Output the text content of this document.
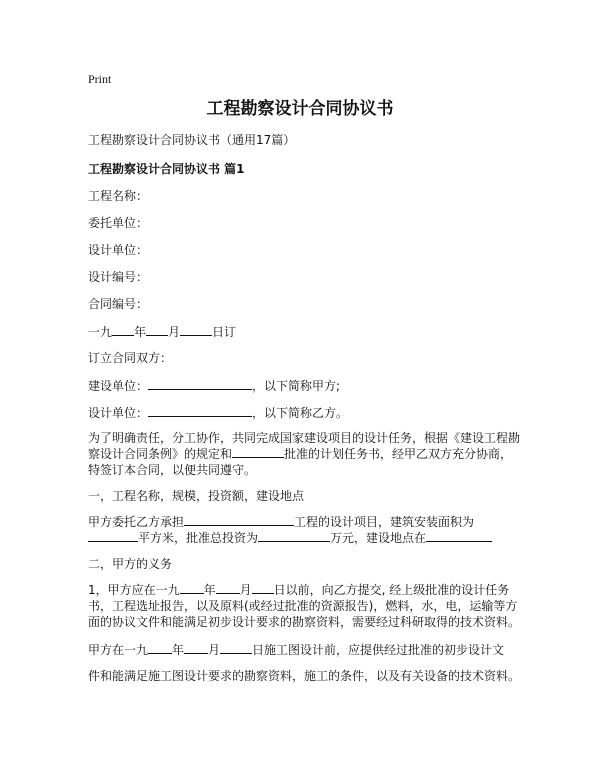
Print
工程勘察设计合同协议书
工程勘察设计合同协议书（通用17篇）
工程勘察设计合同协议书 篇1
工程名称：
委托单位：
设计单位：
设计编号：
合同编号：
一九 年 月	日订
订立合同双方：
建设单位：	，以下简称甲方;
设计单位：	，以下简称乙方。
为了明确责任，分工协作，共同完成国家建设项目的设计任务，根据《建设工程勘察设计合同条例》的规定和	批准的计划任务书，经甲乙双方充分协商，特签订本合同，以便共同遵守。
一，工程名称，规模，投资额，建设地点
甲方委托乙方承担	工程的设计项目，建筑安装面积为平方米，批准总投资为	万元，建设地点在
二，甲方的义务
1，甲方应在一九 年 月 日以前，向乙方提交, 经上级批准的设计任务书，工程选址报告，以及原料(或经过批准的资源报告)，燃料，水，电，运输等方面的协议文件和能满足初步设计要求的勘察资料，需要经过科研取得的技术资料。
甲方在一九 年 月	日施工图设计前，应提供经过批准的初步设计文
件和能满足施工图设计要求的勘察资料，施工的条件，以及有关设备的技术资料。
